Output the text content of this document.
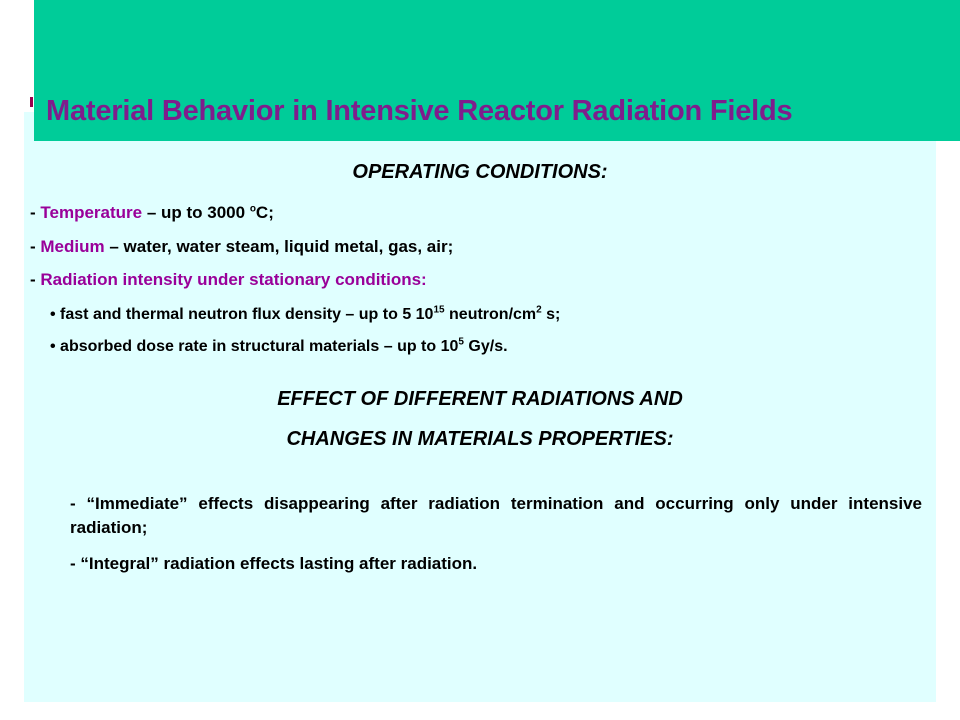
Material Behavior in Intensive Reactor Radiation Fields

OPERATING CONDITIONS:

- Temperature – up to 3000 $^o$C;

- Medium – water, water steam, liquid metal, gas, air;

- Radiation intensity under stationary conditions:

• fast and thermal neutron flux density – up to 5 $10^{15}$ neutron/$cm^2$ s;

• absorbed dose rate in structural materials – up to $10^5$ Gy/s.

EFFECT OF DIFFERENT RADIATIONS AND

CHANGES IN MATERIALS PROPERTIES:

- “Immediate” effects disappearing after radiation termination and occurring only under intensive radiation;

- “Integral” radiation effects lasting after radiation.
